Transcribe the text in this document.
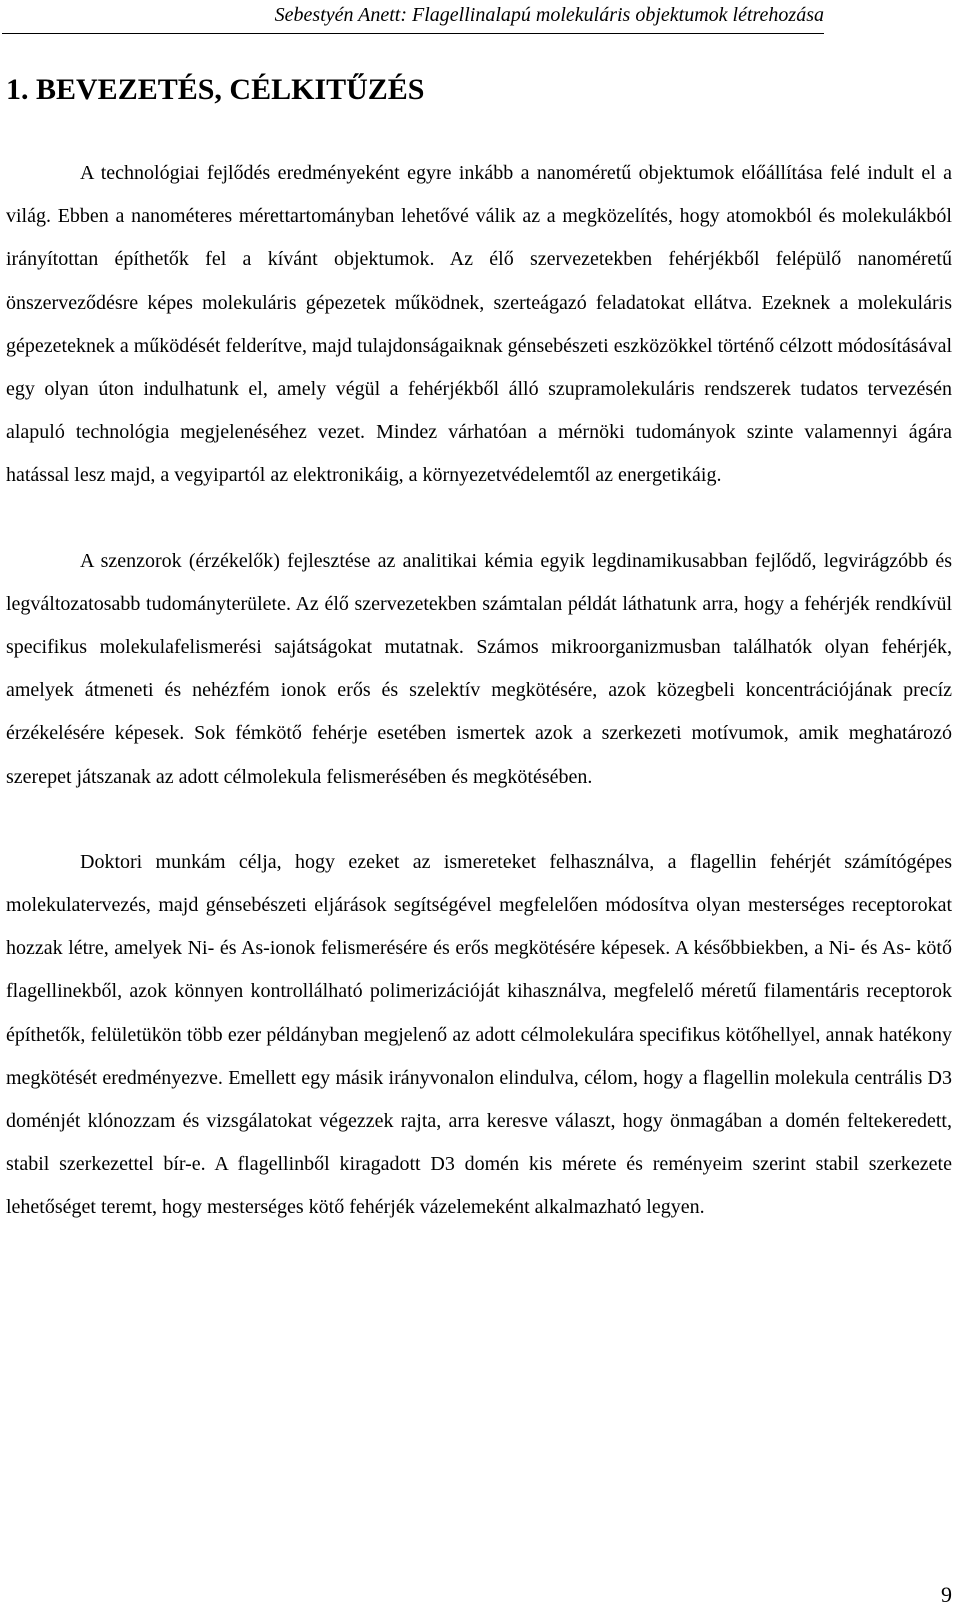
Sebestyén Anett: Flagellinalapú molekuláris objektumok létrehozása
1. BEVEZETÉS, CÉLKITŰZÉS

A technológiai fejlődés eredményeként egyre inkább a nanoméretű objektumok előállítása felé indult el a világ. Ebben a nanométeres mérettartományban lehetővé válik az a megközelítés, hogy atomokból és molekulákból irányítottan építhetők fel a kívánt objektumok. Az élő szervezetekben fehérjékből felépülő nanoméretű önszerveződésre képes molekuláris gépezetek működnek, szerteágazó feladatokat ellátva. Ezeknek a molekuláris gépezeteknek a működését felderítve, majd tulajdonságaiknak génsebészeti eszközökkel történő célzott módosításával egy olyan úton indulhatunk el, amely végül a fehérjékből álló szupramolekuláris rendszerek tudatos tervezésén alapuló technológia megjelenéséhez vezet. Mindez várhatóan a mérnöki tudományok szinte valamennyi ágára hatással lesz majd, a vegyipartól az elektronikáig, a környezetvédelemtől az energetikáig.

A szenzorok (érzékelők) fejlesztése az analitikai kémia egyik legdinamikusabban fejlődő, legvirágzóbb és legváltozatosabb tudományterülete. Az élő szervezetekben számtalan példát láthatunk arra, hogy a fehérjék rendkívül specifikus molekulafelismerési sajátságokat mutatnak. Számos mikroorganizmusban találhatók olyan fehérjék, amelyek átmeneti és nehézfém ionok erős és szelektív megkötésére, azok közegbeli koncentrációjának precíz érzékelésére képesek. Sok fémkötő fehérje esetében ismertek azok a szerkezeti motívumok, amik meghatározó szerepet játszanak az adott célmolekula felismerésében és megkötésében.

Doktori munkám célja, hogy ezeket az ismereteket felhasználva, a flagellin fehérjét számítógépes molekulatervezés, majd génsebészeti eljárások segítségével megfelelően módosítva olyan mesterséges receptorokat hozzak létre, amelyek Ni- és As-ionok felismerésére és erős megkötésére képesek. A későbbiekben, a Ni- és As- kötő flagellinekből, azok könnyen kontrollálható polimerizációját kihasználva, megfelelő méretű filamentáris receptorok építhetők, felületükön több ezer példányban megjelenő az adott célmolekulára specifikus kötőhellyel, annak hatékony megkötését eredményezve. Emellett egy másik irányvonalon elindulva, célom, hogy a flagellin molekula centrális D3 doménjét klónozzam és vizsgálatokat végezzek rajta, arra keresve választ, hogy önmagában a domén feltekeredett, stabil szerkezettel bír-e. A flagellinből kiragadott D3 domén kis mérete és reményeim szerint stabil szerkezete lehetőséget teremt, hogy mesterséges kötő fehérjék vázelemeként alkalmazható legyen.

9
